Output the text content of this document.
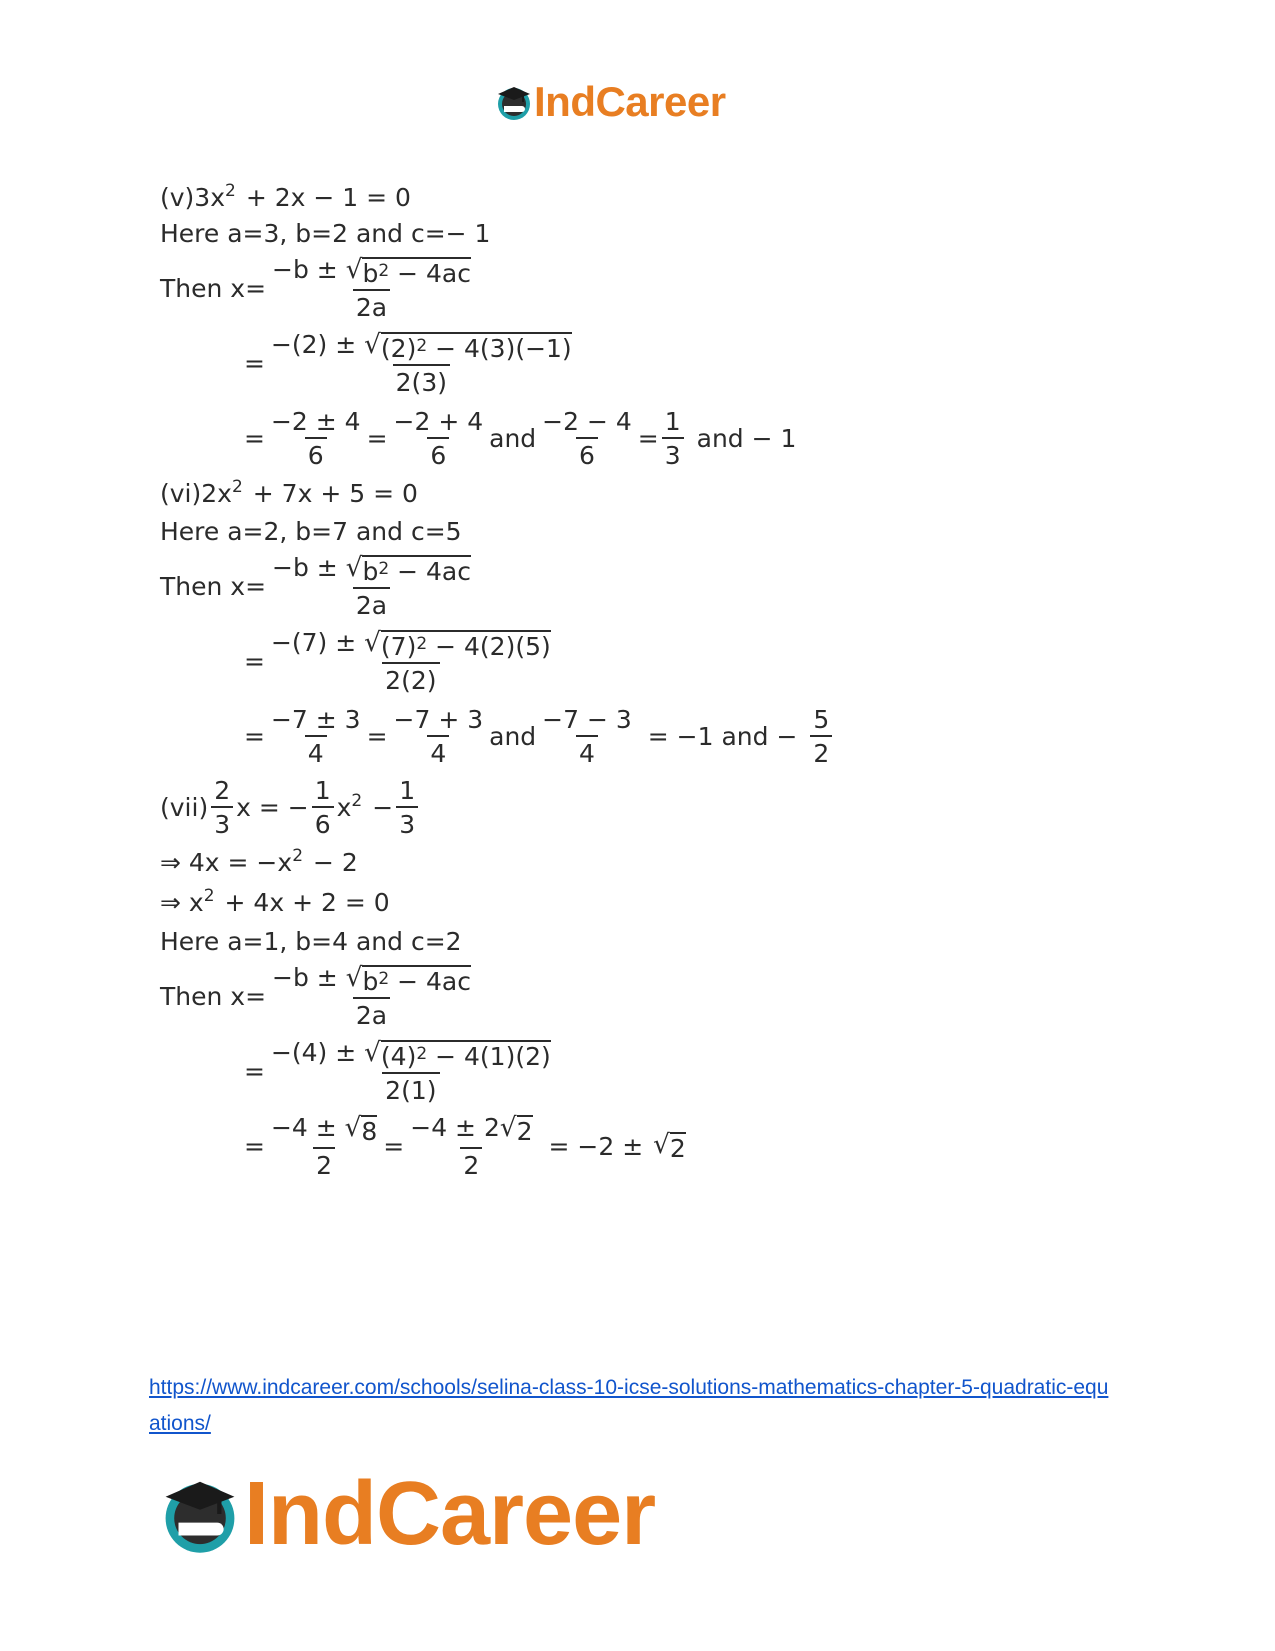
IndCareer
$(v)3x^2 + 2x - 1 = 0$
Here a=3, b=2 and c=− 1
Then $x= \frac{-b \pm √ b^2 - 4ac}{2a}$
= $\frac{-(2) \pm √ (2)^2 - 4(3)(-1)}{2(3)}$
= $\frac{-2 \pm 4}{6} = \frac{-2 + 4}{6}$ and $\frac{-2 - 4}{6} = \frac{1}{3}$ and − 1
$(vi)2x^2 + 7x + 5 = 0$
Here a=2, b=7 and c=5
Then $x= \frac{-b \pm √ b^2 - 4ac}{2a}$
= $\frac{-(7) \pm √ (7)^2 - 4(2)(5)}{2(2)}$
= $\frac{-7 \pm 3}{4} = \frac{-7 + 3}{4}$ and $\frac{-7 - 3}{4} = -1$ and − $\frac{5}{2}$
$(vii) \frac{2}{3}$ x = − $\frac{1}{6} x^2 - \frac{1}{3}$
⇒ $4x = -x^2 - 2$
⇒ $x^2 + 4x + 2 = 0$
Here a=1, b=4 and c=2
Then $x= \frac{-b \pm √ b^2 - 4ac}{2a}$
= $\frac{-(4) \pm √ (4)^2 - 4(1)(2)}{2(1)}$
= $\frac{-4 \pm √ 8}{2} = \frac{-4 \pm 2 √ 2}{2} = -2$ ± √ 2
https://www.indcareer.com/schools/selina-class-10-icse-solutions-mathematics-chapter-5-quadratic-equations/
IndCareer
